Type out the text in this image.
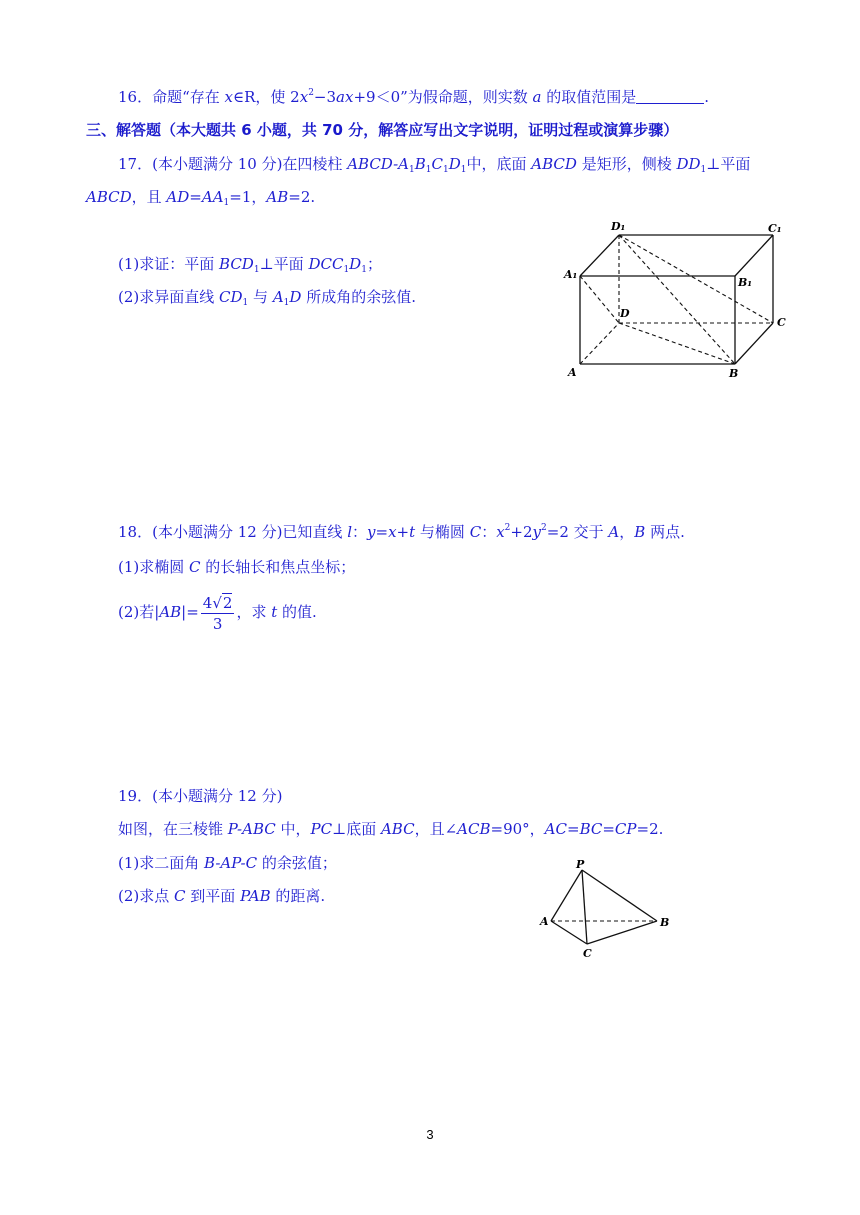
16．命题“存在 x∈R，使 $2x^2-3ax+9<0$”为假命题，则实数 a 的取值范围是	.
三、解答题（本大题共 6 小题，共 70 分，解答应写出文字说明，证明过程或演算步骤）
17．(本小题满分 10 分)在四棱柱 ABCD-$A_1B_1C_1D_1$中，底面 ABCD 是矩形，侧棱 $DD_1\perp$平面
ABCD，且 $AD=AA_1=1$，AB=2.
(1)求证：平面 $BCD_1\perp$平面 $DCC_1D_1$；
(2)求异面直线 $CD_1$ 与 $A_1D$ 所成角的余弦值.
D₁	C₁
A₁
B₁
D
C
A	B
18．(本小题满分 12 分)已知直线 l：y=x+t 与椭圆 C：$x^2+2y^2=2$ 交于 A，B 两点.
(1)求椭圆 C 的长轴长和焦点坐标；
(2)若$|AB|= \frac{4√2}{3}$ ，求 t 的值.
19．(本小题满分 12 分)
如图，在三棱锥 P-ABC 中，PC⊥底面 ABC，且∠ACB=90°，AC=BC=CP=2.
(1)求二面角 B-AP-C 的余弦值；
(2)求点 C 到平面 PAB 的距离.
P
A	B
C
3
